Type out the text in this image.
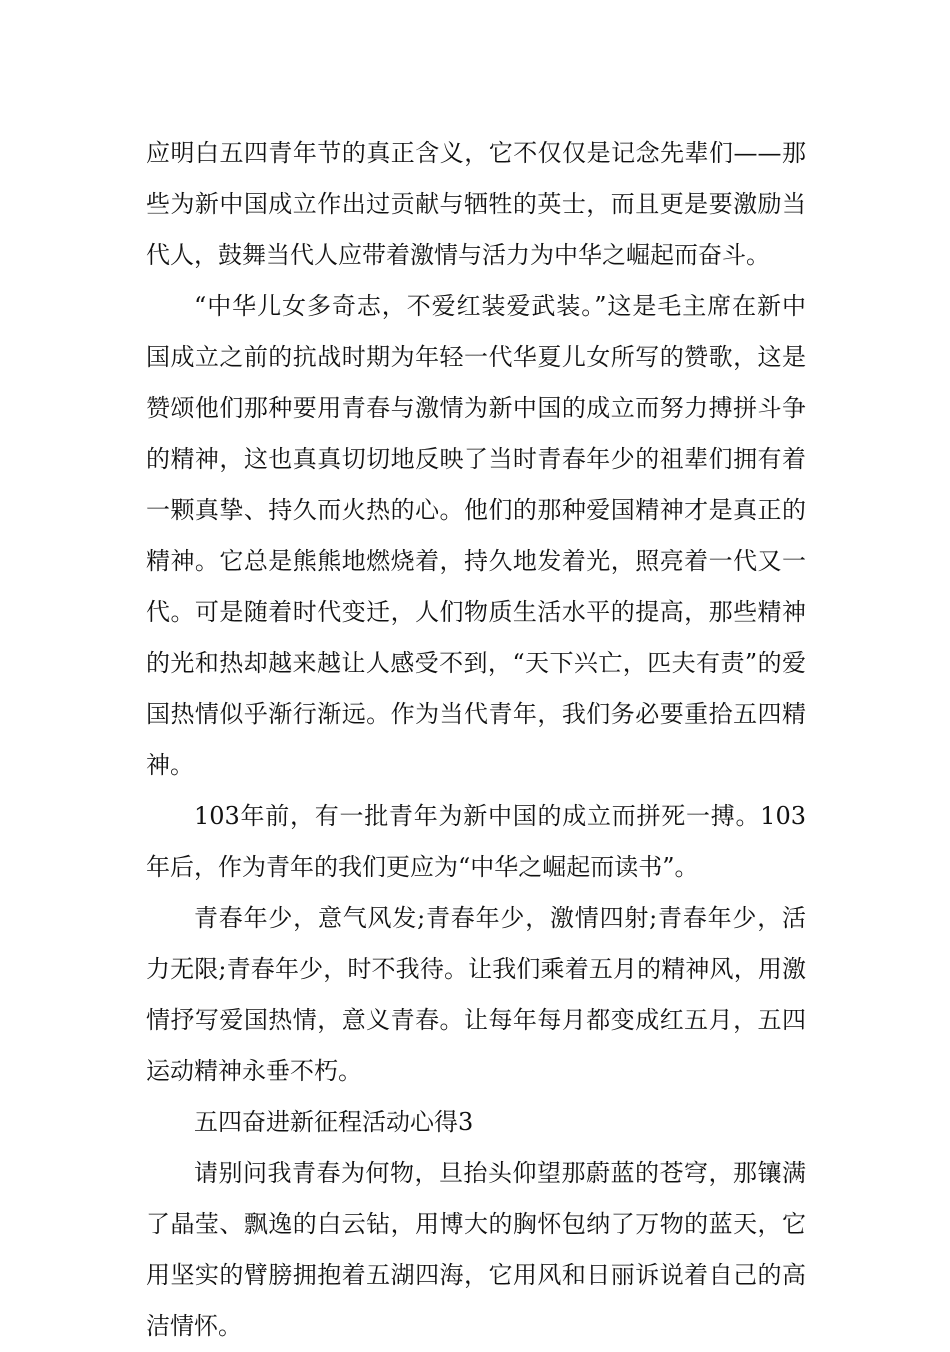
应明白五四青年节的真正含义，它不仅仅是记念先辈们——那些为新中国成立作出过贡献与牺牲的英士，而且更是要激励当代人，鼓舞当代人应带着激情与活力为中华之崛起而奋斗。

“中华儿女多奇志，不爱红装爱武装。”这是毛主席在新中国成立之前的抗战时期为年轻一代华夏儿女所写的赞歌，这是赞颂他们那种要用青春与激情为新中国的成立而努力搏拼斗争的精神，这也真真切切地反映了当时青春年少的祖辈们拥有着一颗真挚、持久而火热的心。他们的那种爱国精神才是真正的精神。它总是熊熊地燃烧着，持久地发着光，照亮着一代又一代。可是随着时代变迁，人们物质生活水平的提高，那些精神的光和热却越来越让人感受不到，“天下兴亡，匹夫有责”的爱国热情似乎渐行渐远。作为当代青年，我们务必要重拾五四精神。

103年前，有一批青年为新中国的成立而拼死一搏。103年后，作为青年的我们更应为“中华之崛起而读书”。

青春年少，意气风发;青春年少，激情四射;青春年少，活力无限;青春年少，时不我待。让我们乘着五月的精神风，用激情抒写爱国热情，意义青春。让每年每月都变成红五月，五四运动精神永垂不朽。

五四奋进新征程活动心得3

请别问我青春为何物，旦抬头仰望那蔚蓝的苍穹，那镶满了晶莹、飘逸的白云钻，用博大的胸怀包纳了万物的蓝天，它用坚实的臂膀拥抱着五湖四海，它用风和日丽诉说着自己的高洁情怀。
